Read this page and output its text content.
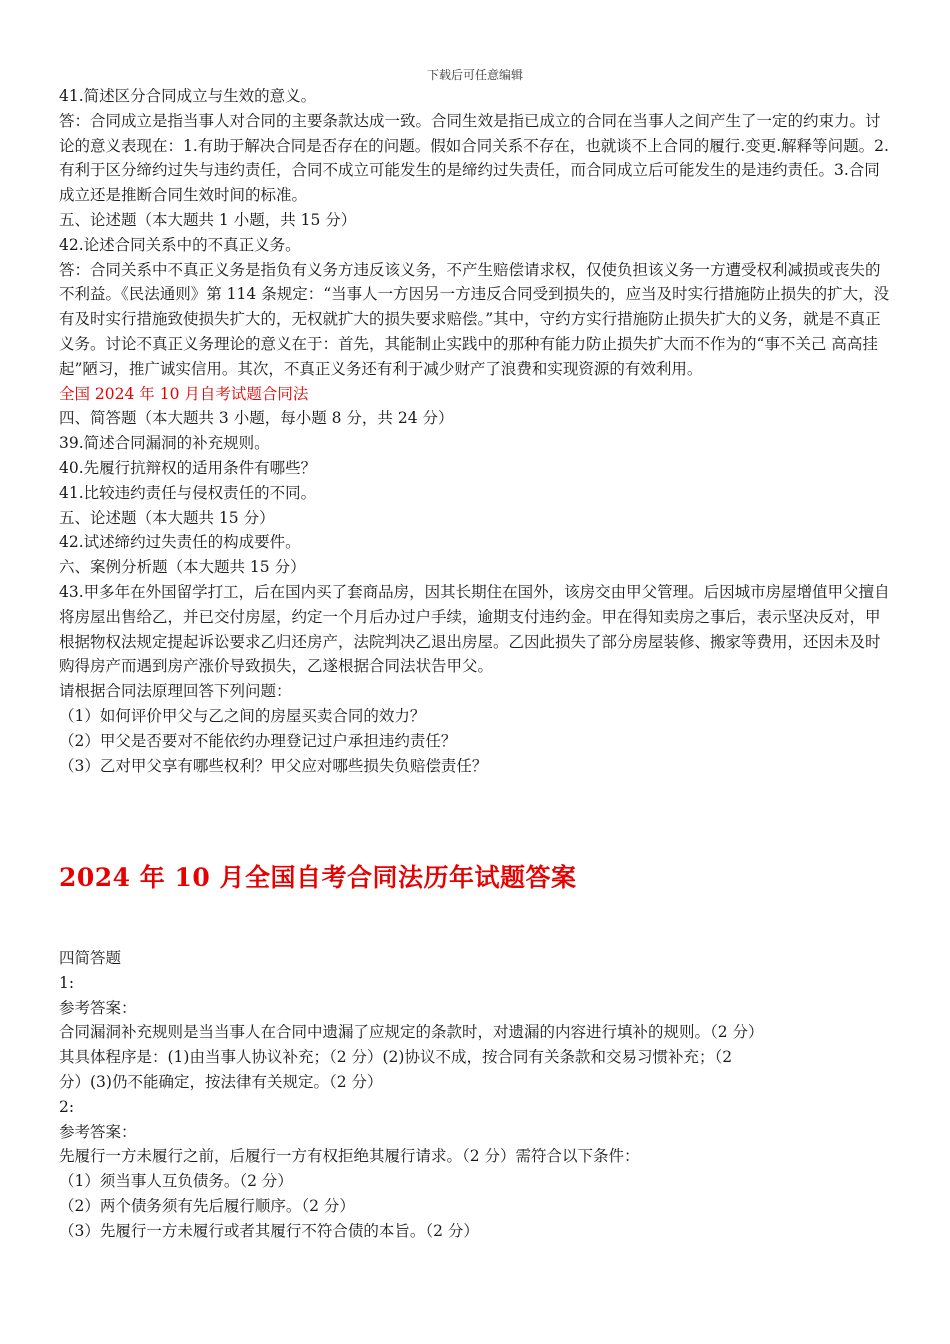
下载后可任意编辑

41.简述区分合同成立与生效的意义。

答：合同成立是指当事人对合同的主要条款达成一致。合同生效是指已成立的合同在当事人之间产生了一定的约束力。讨论的意义表现在：1.有助于解决合同是否存在的问题。假如合同关系不存在，也就谈不上合同的履行.变更.解释等问题。2.有利于区分缔约过失与违约责任，合同不成立可能发生的是缔约过失责任，而合同成立后可能发生的是违约责任。3.合同成立还是推断合同生效时间的标准。

五、论述题（本大题共 1 小题，共 15 分）

42.论述合同关系中的不真正义务。

答：合同关系中不真正义务是指负有义务方违反该义务，不产生赔偿请求权，仅使负担该义务一方遭受权利减损或丧失的不利益。《民法通则》第 114 条规定：“当事人一方因另一方违反合同受到损失的，应当及时实行措施防止损失的扩大，没有及时实行措施致使损失扩大的，无权就扩大的损失要求赔偿。”其中，守约方实行措施防止损失扩大的义务，就是不真正义务。讨论不真正义务理论的意义在于：首先，其能制止实践中的那种有能力防止损失扩大而不作为的“事不关己 高高挂起”陋习，推广诚实信用。其次，不真正义务还有利于减少财产了浪费和实现资源的有效利用。

全国 2024 年 10 月自考试题合同法

四、简答题（本大题共 3 小题，每小题 8 分，共 24 分）

39.简述合同漏洞的补充规则。

40.先履行抗辩权的适用条件有哪些？

41.比较违约责任与侵权责任的不同。

五、论述题（本大题共 15 分）

42.试述缔约过失责任的构成要件。

六、案例分析题（本大题共 15 分）

43.甲多年在外国留学打工，后在国内买了套商品房，因其长期住在国外，该房交由甲父管理。后因城市房屋增值甲父擅自将房屋出售给乙，并已交付房屋，约定一个月后办过户手续，逾期支付违约金。甲在得知卖房之事后，表示坚决反对，甲根据物权法规定提起诉讼要求乙归还房产，法院判决乙退出房屋。乙因此损失了部分房屋装修、搬家等费用，还因未及时购得房产而遇到房产涨价导致损失，乙遂根据合同法状告甲父。

请根据合同法原理回答下列问题：

（1）如何评价甲父与乙之间的房屋买卖合同的效力？

（2）甲父是否要对不能依约办理登记过户承担违约责任？

（3）乙对甲父享有哪些权利？甲父应对哪些损失负赔偿责任？

2024 年 10 月全国自考合同法历年试题答案

四简答题

1:

参考答案：

合同漏洞补充规则是当当事人在合同中遗漏了应规定的条款时，对遗漏的内容进行填补的规则。（2 分）

其具体程序是：(1)由当事人协议补充；（2 分）(2)协议不成，按合同有关条款和交易习惯补充；（2 分）(3)仍不能确定，按法律有关规定。（2 分）

2:

参考答案：

先履行一方未履行之前，后履行一方有权拒绝其履行请求。（2 分）需符合以下条件：

（1）须当事人互负债务。（2 分）

（2）两个债务须有先后履行顺序。（2 分）

（3）先履行一方未履行或者其履行不符合债的本旨。（2 分）
